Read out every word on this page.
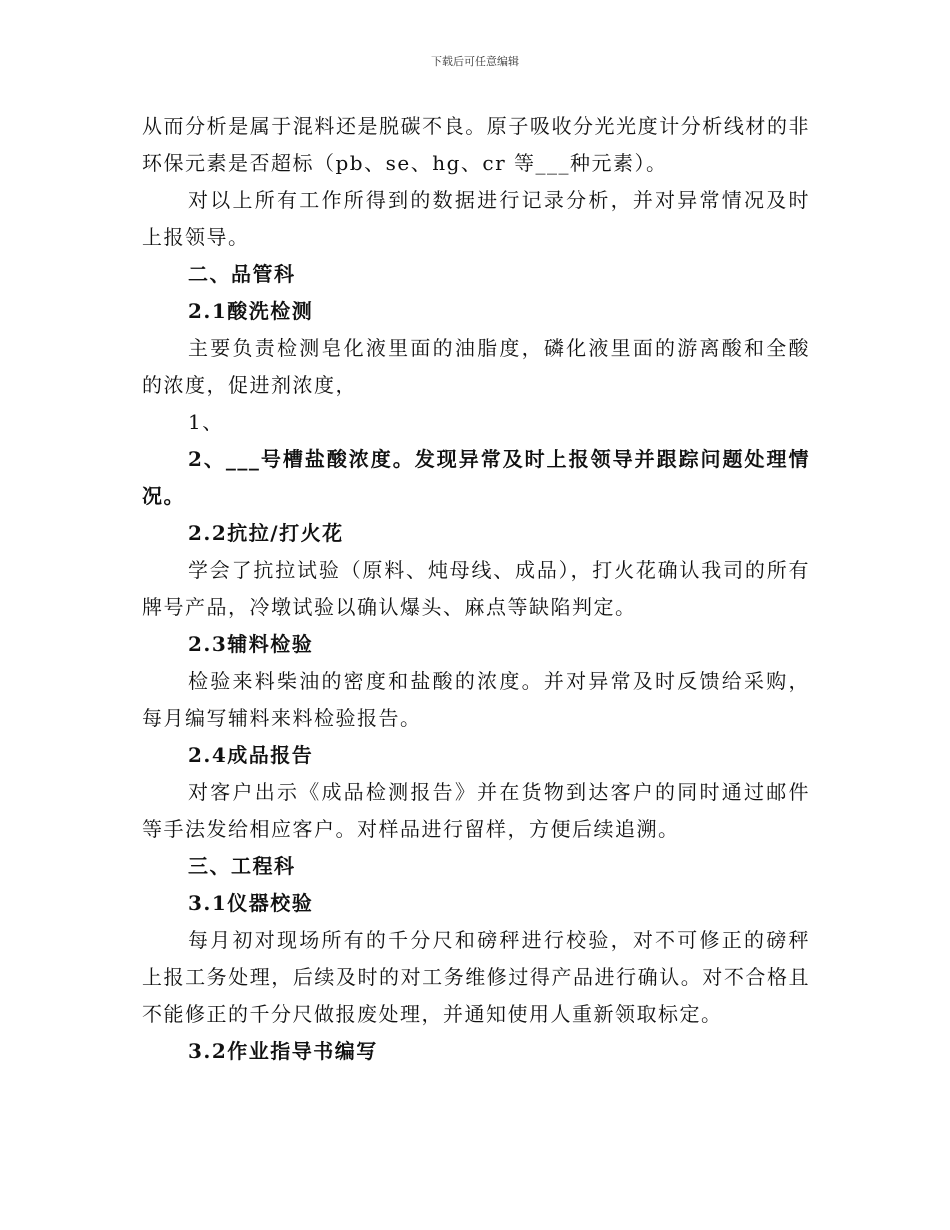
下载后可任意编辑

从而分析是属于混料还是脱碳不良。原子吸收分光光度计分析线材的非环保元素是否超标（pb、se、hg、cr 等___种元素）。

对以上所有工作所得到的数据进行记录分析，并对异常情况及时上报领导。

二、品管科

2.1酸洗检测

主要负责检测皂化液里面的油脂度，磷化液里面的游离酸和全酸的浓度，促进剂浓度，

1、

2、___号槽盐酸浓度。发现异常及时上报领导并跟踪问题处理情况。

2.2抗拉/打火花

学会了抗拉试验（原料、炖母线、成品），打火花确认我司的所有牌号产品，冷墩试验以确认爆头、麻点等缺陷判定。

2.3辅料检验

检验来料柴油的密度和盐酸的浓度。并对异常及时反馈给采购，每月编写辅料来料检验报告。

2.4成品报告

对客户出示《成品检测报告》并在货物到达客户的同时通过邮件等手法发给相应客户。对样品进行留样，方便后续追溯。

三、工程科

3.1仪器校验

每月初对现场所有的千分尺和磅秤进行校验，对不可修正的磅秤上报工务处理，后续及时的对工务维修过得产品进行确认。对不合格且不能修正的千分尺做报废处理，并通知使用人重新领取标定。

3.2作业指导书编写
